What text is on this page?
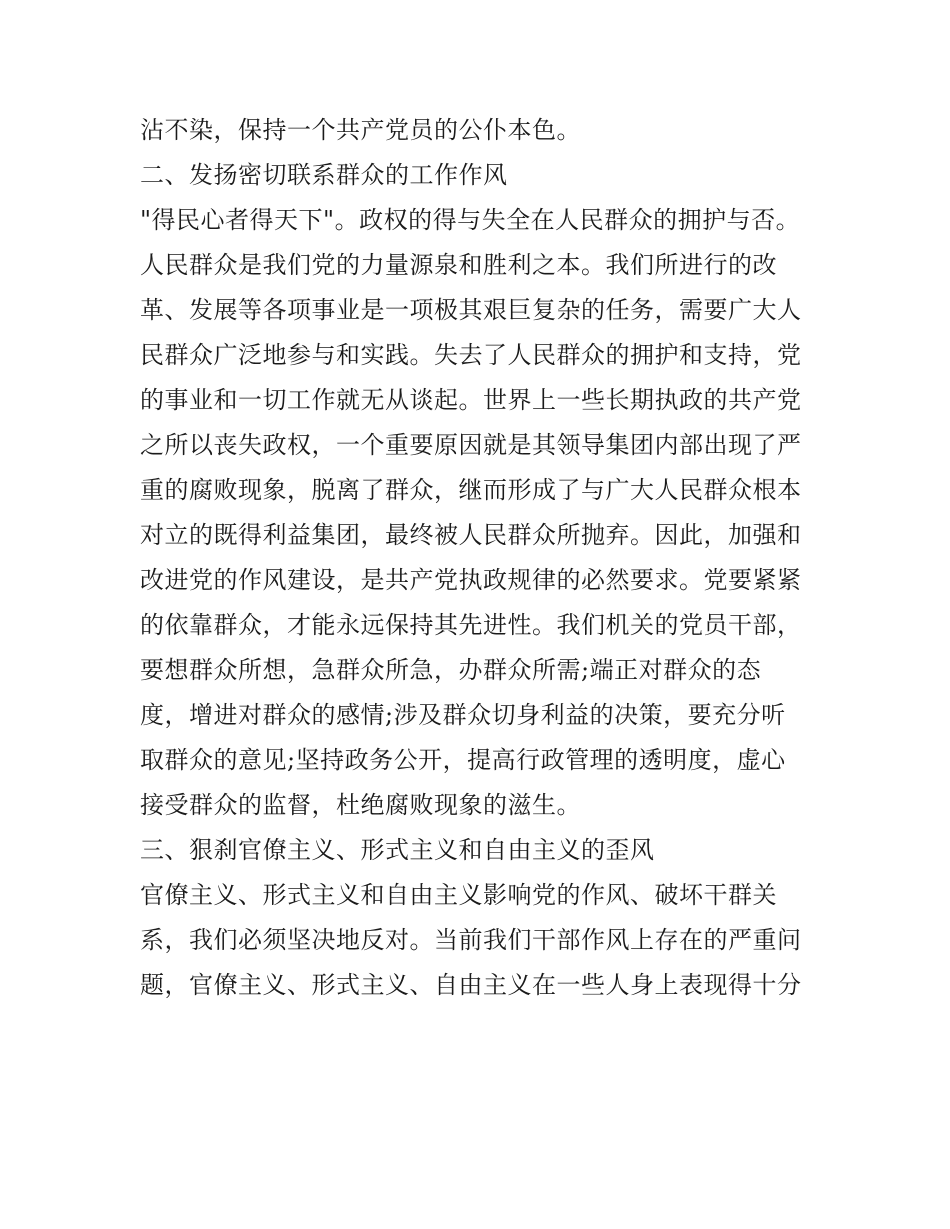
沾不染，保持一个共产党员的公仆本色。
二、发扬密切联系群众的工作作风
"得民心者得天下"。政权的得与失全在人民群众的拥护与否。
人民群众是我们党的力量源泉和胜利之本。我们所进行的改
革、发展等各项事业是一项极其艰巨复杂的任务，需要广大人
民群众广泛地参与和实践。失去了人民群众的拥护和支持，党
的事业和一切工作就无从谈起。世界上一些长期执政的共产党
之所以丧失政权，一个重要原因就是其领导集团内部出现了严
重的腐败现象，脱离了群众，继而形成了与广大人民群众根本
对立的既得利益集团，最终被人民群众所抛弃。因此，加强和
改进党的作风建设，是共产党执政规律的必然要求。党要紧紧
的依靠群众，才能永远保持其先进性。我们机关的党员干部，
要想群众所想，急群众所急，办群众所需;端正对群众的态
度，增进对群众的感情;涉及群众切身利益的决策，要充分听
取群众的意见;坚持政务公开，提高行政管理的透明度，虚心
接受群众的监督，杜绝腐败现象的滋生。
三、狠刹官僚主义、形式主义和自由主义的歪风
官僚主义、形式主义和自由主义影响党的作风、破坏干群关
系，我们必须坚决地反对。当前我们干部作风上存在的严重问
题，官僚主义、形式主义、自由主义在一些人身上表现得十分
